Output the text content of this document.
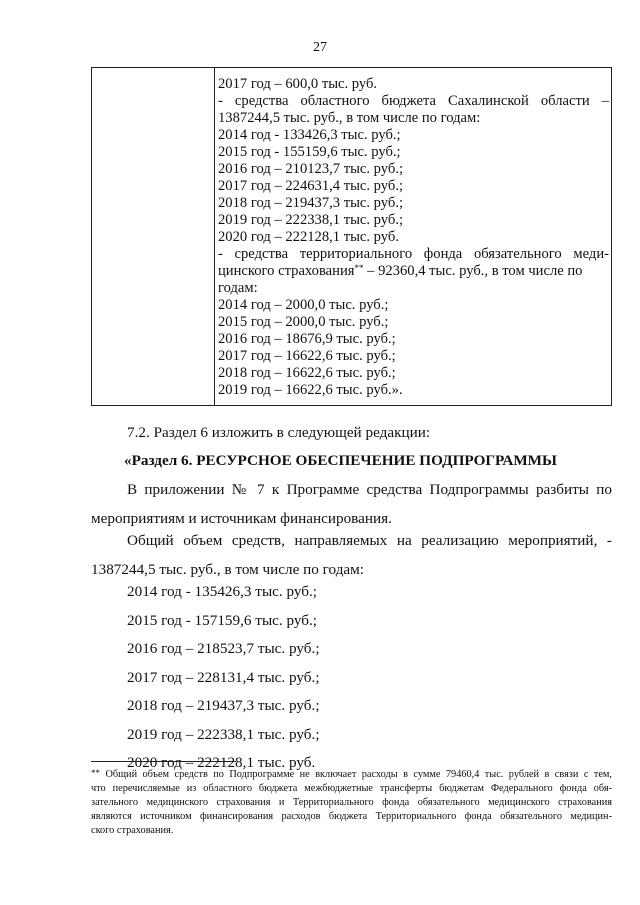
27
2017 год – 600,0 тыс. руб.
- средства областного бюджета Сахалинской области –
1387244,5 тыс. руб., в том числе по годам:
2014 год - 133426,3 тыс. руб.;
2015 год - 155159,6 тыс. руб.;
2016 год – 210123,7 тыс. руб.;
2017 год – 224631,4 тыс. руб.;
2018 год – 219437,3 тыс. руб.;
2019 год – 222338,1 тыс. руб.;
2020 год – 222128,1 тыс. руб.
- средства территориального фонда обязательного меди-
цинского страхования** – 92360,4 тыс. руб., в том числе по
годам:
2014 год – 2000,0 тыс. руб.;
2015 год – 2000,0 тыс. руб.;
2016 год – 18676,9 тыс. руб.;
2017 год – 16622,6 тыс. руб.;
2018 год – 16622,6 тыс. руб.;
2019 год – 16622,6 тыс. руб.».
7.2. Раздел 6 изложить в следующей редакции:
«Раздел 6. РЕСУРСНОЕ ОБЕСПЕЧЕНИЕ ПОДПРОГРАММЫ
В приложении № 7 к Программе средства Подпрограммы разбиты по
мероприятиям и источникам финансирования.
Общий объем средств, направляемых на реализацию мероприятий, -
1387244,5 тыс. руб., в том числе по годам:
2014 год - 135426,3 тыс. руб.;
2015 год - 157159,6 тыс. руб.;
2016 год – 218523,7 тыс. руб.;
2017 год – 228131,4 тыс. руб.;
2018 год – 219437,3 тыс. руб.;
2019 год – 222338,1 тыс. руб.;
2020 год – 222128,1 тыс. руб.
** Общий объем средств по Подпрограмме не включает расходы в сумме 79460,4 тыс. рублей в связи с тем,
что перечисляемые из областного бюджета межбюджетные трансферты бюджетам Федерального фонда обя-
зательного медицинского страхования и Территориального фонда обязательного медицинского страхования
являются источником финансирования расходов бюджета Территориального фонда обязательного медицин-
ского страхования.
